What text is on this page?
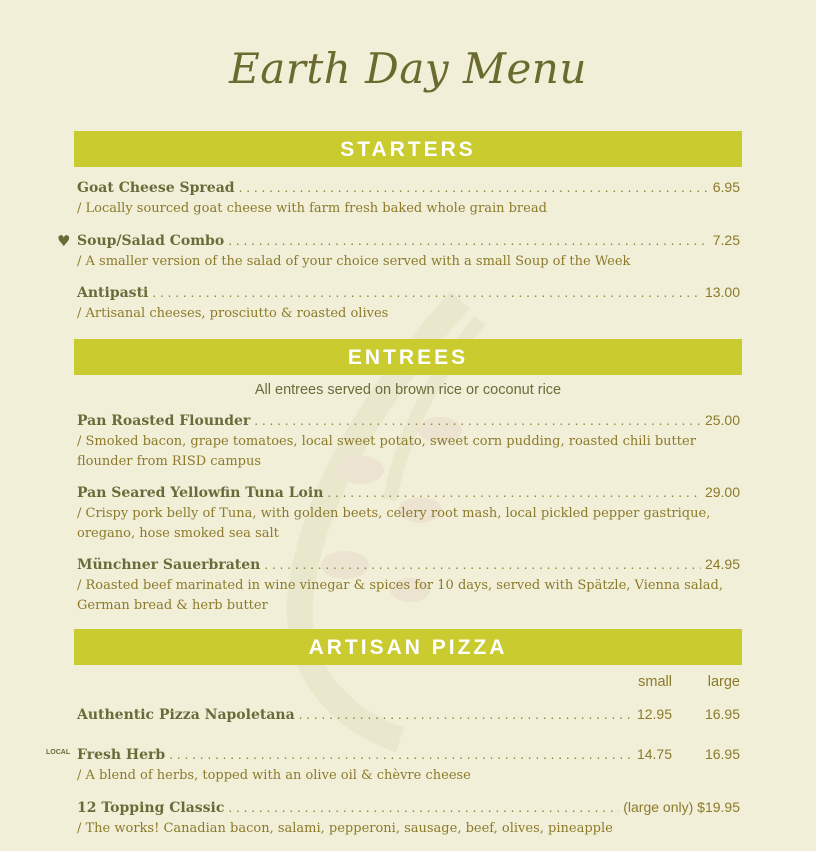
Earth Day Menu
STARTERS
Goat Cheese Spread . . .	6.95
/ Locally sourced goat cheese with farm fresh baked whole grain bread
♥ Soup/Salad Combo . . .	7.25
/ A smaller version of the salad of your choice served with a small Soup of the Week
Antipasti . . .	13.00
/ Artisanal cheeses, prosciutto & roasted olives
ENTREES
All entrees served on brown rice or coconut rice
Pan Roasted Flounder . . .	25.00
/ Smoked bacon, grape tomatoes, local sweet potato, sweet corn pudding, roasted chili butter flounder from RISD campus
Pan Seared Yellowfin Tuna Loin . . .	29.00
/ Crispy pork belly of Tuna, with golden beets, celery root mash, local pickled pepper gastrique, oregano, hose smoked sea salt
Münchner Sauerbraten . . .	24.95
/ Roasted beef marinated in wine vinegar & spices for 10 days, served with Spätzle, Vienna salad, German bread & herb butter
ARTISAN PIZZA
small	large
Authentic Pizza Napoletana . . .	12.95	16.95
LOCAL Fresh Herb . . .	14.75	16.95
/ A blend of herbs, topped with an olive oil & chèvre cheese
12 Topping Classic . . .	(large only) $19.95
/ The works! Canadian bacon, salami, pepperoni, sausage, beef, olives, pineapple
